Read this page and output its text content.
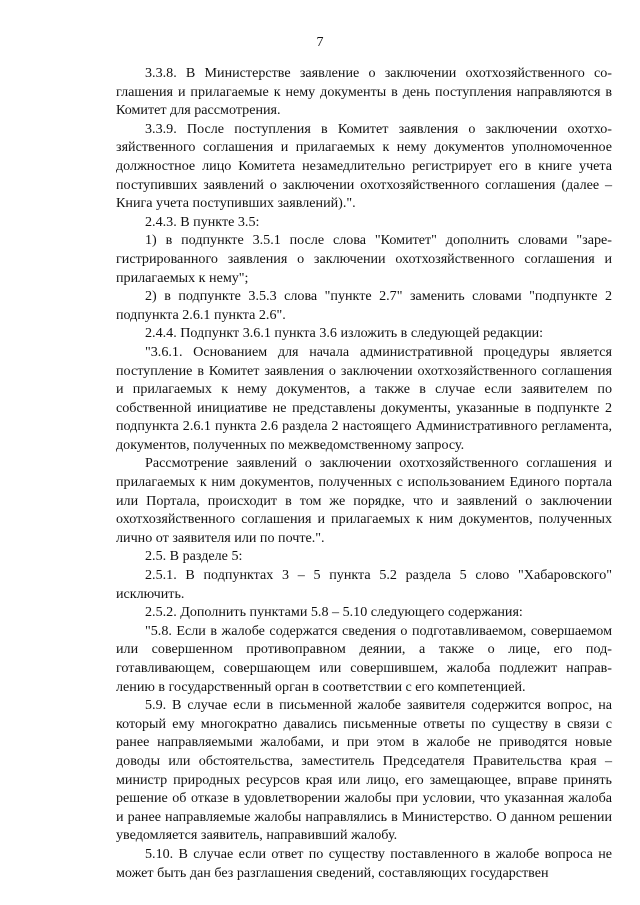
7

3.3.8. В Министерстве заявление о заключении охотхозяйственного соглашения и прилагаемые к нему документы в день поступления направляются в Комитет для рассмотрения.

3.3.9. После поступления в Комитет заявления о заключении охотхозяйственного соглашения и прилагаемых к нему документов уполномоченное должностное лицо Комитета незамедлительно регистрирует его в книге учета поступивших заявлений о заключении охотхозяйственного соглашения (далее – Книга учета поступивших заявлений).".

2.4.3. В пункте 3.5:

1) в подпункте 3.5.1 после слова "Комитет" дополнить словами "зарегистрированного заявления о заключении охотхозяйственного соглашения и прилагаемых к нему";

2) в подпункте 3.5.3 слова "пункте 2.7" заменить словами "подпункте 2 подпункта 2.6.1 пункта 2.6".

2.4.4. Подпункт 3.6.1 пункта 3.6 изложить в следующей редакции:

"3.6.1. Основанием для начала административной процедуры является поступление в Комитет заявления о заключении охотхозяйственного соглашения и прилагаемых к нему документов, а также в случае если заявителем по собственной инициативе не представлены документы, указанные в подпункте 2 подпункта 2.6.1 пункта 2.6 раздела 2 настоящего Административного регламента, документов, полученных по межведомственному запросу.

Рассмотрение заявлений о заключении охотхозяйственного соглашения и прилагаемых к ним документов, полученных с использованием Единого портала или Портала, происходит в том же порядке, что и заявлений о заключении охотхозяйственного соглашения и прилагаемых к ним документов, полученных лично от заявителя или по почте.".

2.5. В разделе 5:

2.5.1. В подпунктах 3 – 5 пункта 5.2 раздела 5 слово "Хабаровского" исключить.

2.5.2. Дополнить пунктами 5.8 – 5.10 следующего содержания:

"5.8. Если в жалобе содержатся сведения о подготавливаемом, совершаемом или совершенном противоправном деянии, а также о лице, его подготавливающем, совершающем или совершившем, жалоба подлежит направлению в государственный орган в соответствии с его компетенцией.

5.9. В случае если в письменной жалобе заявителя содержится вопрос, на который ему многократно давались письменные ответы по существу в связи с ранее направляемыми жалобами, и при этом в жалобе не приводятся новые доводы или обстоятельства, заместитель Председателя Правительства края – министр природных ресурсов края или лицо, его замещающее, вправе принять решение об отказе в удовлетворении жалобы при условии, что указанная жалоба и ранее направляемые жалобы направлялись в Министерство. О данном решении уведомляется заявитель, направивший жалобу.

5.10. В случае если ответ по существу поставленного в жалобе вопроса не может быть дан без разглашения сведений, составляющих государствен
